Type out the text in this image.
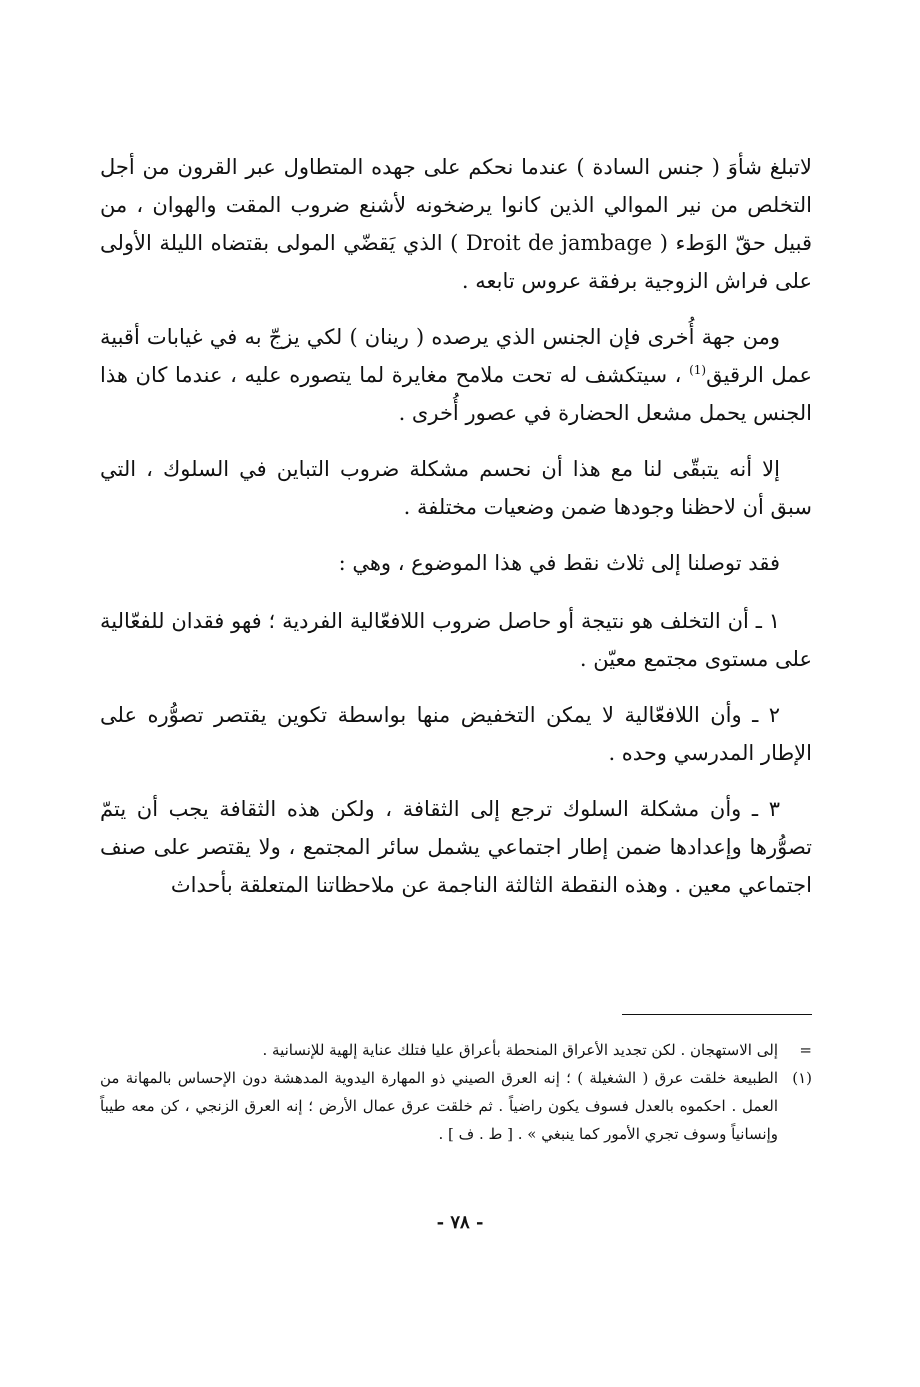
لاتبلغ شأوَ ( جنس السادة ) عندما نحكم على جهده المتطاول عبر القرون من أجل التخلص من نير الموالي الذين كانوا يرضخونه لأشنع ضروب المقت والهوان ، من قبيل حقّ الوَطء ( Droit de jambage ) الذي يَقضّي المولى بقتضاه الليلة الأولى على فراش الزوجية برفقة عروس تابعه .

ومن جهة أُخرى فإن الجنس الذي يرصده ( رينان ) لكي يزجّ به في غيابات أقبية عمل الرقيق$^{(1)}$ ، سيتكشف له تحت ملامح مغايرة لما يتصوره عليه ، عندما كان هذا الجنس يحمل مشعل الحضارة في عصور أُخرى .

إلا أنه يتبقّى لنا مع هذا أن نحسم مشكلة ضروب التباين في السلوك ، التي سبق أن لاحظنا وجودها ضمن وضعيات مختلفة .

فقد توصلنا إلى ثلاث نقط في هذا الموضوع ، وهي :

١ ـ أن التخلف هو نتيجة أو حاصل ضروب اللافعّالية الفردية ؛ فهو فقدان للفعّالية على مستوى مجتمع معيّن .

٢ ـ وأن اللافعّالية لا يمكن التخفيض منها بواسطة تكوين يقتصر تصوُّره على الإطار المدرسي وحده .

٣ ـ وأن مشكلة السلوك ترجع إلى الثقافة ، ولكن هذه الثقافة يجب أن يتمّ تصوُّرها وإعدادها ضمن إطار اجتماعي يشمل سائر المجتمع ، ولا يقتصر على صنف اجتماعي معين . وهذه النقطة الثالثة الناجمة عن ملاحظاتنا المتعلقة بأحداث

=
إلى الاستهجان . لكن تجديد الأعراق المنحطة بأعراق عليا فتلك عناية إلهية للإنسانية .
(١)
الطبيعة خلقت عرق ( الشغيلة ) ؛ إنه العرق الصيني ذو المهارة اليدوية المدهشة دون الإحساس بالمهانة من العمل . احكموه بالعدل فسوف يكون راضياً . ثم خلقت عرق عمال الأرض ؛ إنه العرق الزنجي ، كن معه طيباً وإنسانياً وسوف تجري الأمور كما ينبغي » . [ ط . ف ] .
- ٧٨ -
